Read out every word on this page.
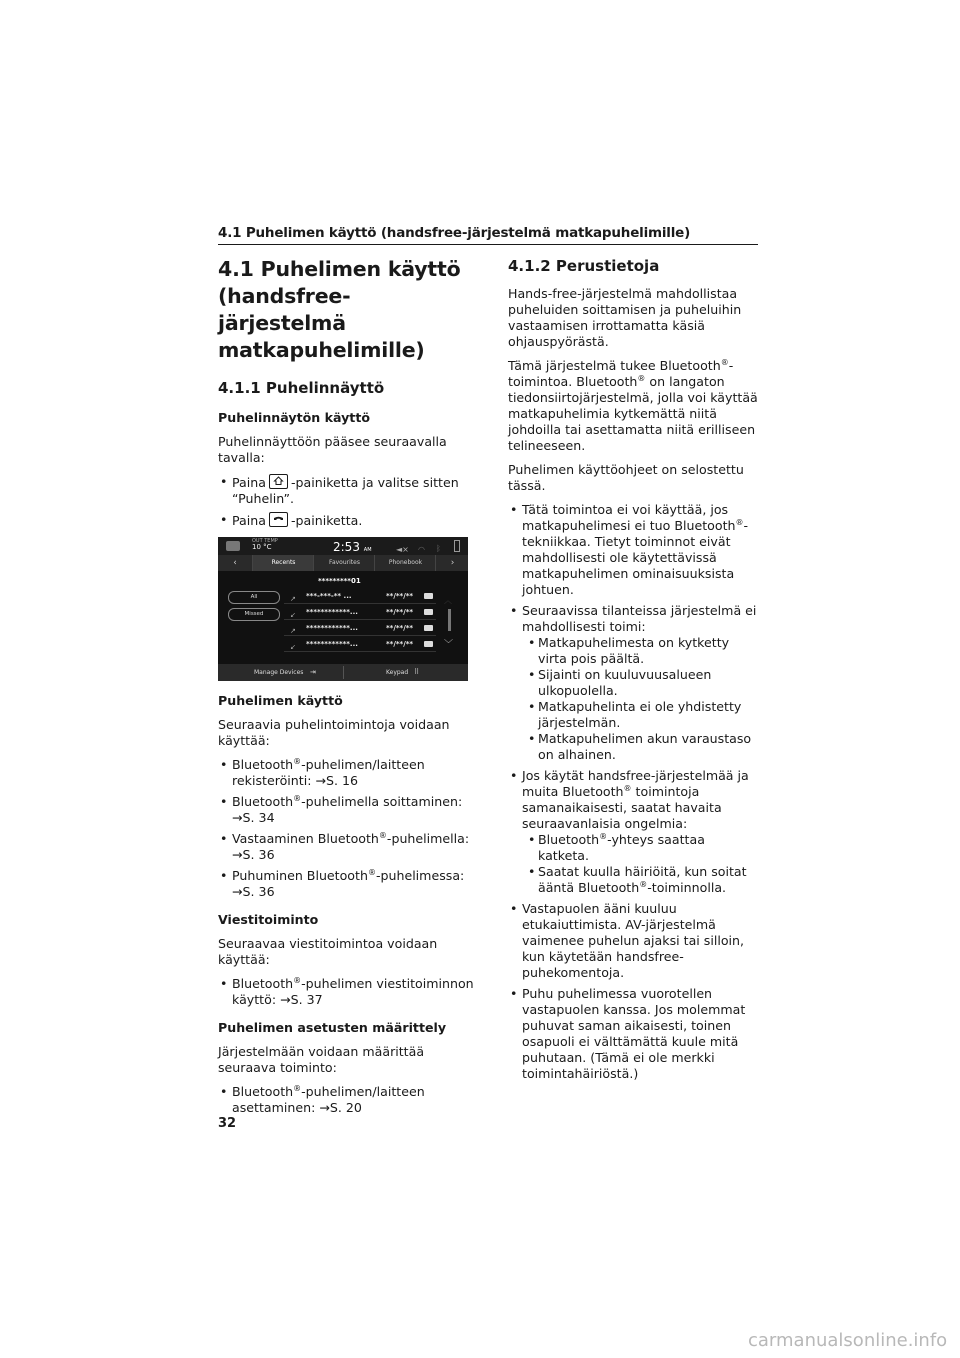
4.1 Puhelimen käyttö (handsfree-järjestelmä matkapuhelimille)
4.1 Puhelimen käyttö
(handsfree-järjestelmä
matkapuhelimille)
4.1.1 Puhelinnäyttö
Puhelinnäytön käyttö

Puhelinnäyttöön pääsee seuraavalla tavalla:

• Paina -painiketta ja valitse sitten
“Puhelin”.
• Paina -painiketta.
OUT TEMP
10 °C	2:53 AM	◄× ◠ ᛒ
‹	Recents	Favourites	Phonebook	›
*********01
All
Missed
↗ ***-***-** ...	**/**/**
↙ ************...	**/**/**
↗ ************...	**/**/**
↙ ************...	**/**/**
︿
﹀
Manage Devices ⇥	Keypad ⠿
Puhelimen käyttö

Seuraavia puhelintoimintoja voidaan käyttää:

• Bluetooth®-puhelimen/laitteen rekisteröinti: →S. 16
• Bluetooth®-puhelimella soittaminen: →S. 34
• Vastaaminen Bluetooth®-puhelimella: →S. 36
• Puhuminen Bluetooth®-puhelimessa: →S. 36
Viestitoiminto

Seuraavaa viestitoimintoa voidaan käyttää:

• Bluetooth®-puhelimen viestitoiminnon käyttö: →S. 37
Puhelimen asetusten määrittely

Järjestelmään voidaan määrittää seuraava toiminto:

• Bluetooth®-puhelimen/laitteen asettaminen: →S. 20
4.1.2 Perustietoja

Hands-free-järjestelmä mahdollistaa puheluiden soittamisen ja puheluihin vastaamisen irrottamatta käsiä ohjauspyörästä.

Tämä järjestelmä tukee Bluetooth®-toimintoa. Bluetooth® on langaton tiedonsiirtojärjestelmä, jolla voi käyttää matkapuhelimia kytkemättä niitä johdoilla tai asettamatta niitä erilliseen telineeseen.

Puhelimen käyttöohjeet on selostettu tässä.

• Tätä toimintoa ei voi käyttää, jos matkapuhelimesi ei tuo Bluetooth®-tekniikkaa. Tietyt toiminnot eivät mahdollisesti ole käytettävissä matkapuhelimen ominaisuuksista johtuen.
• Seuraavissa tilanteissa järjestelmä ei mahdollisesti toimi:
• Matkapuhelimesta on kytketty virta pois päältä.
• Sijainti on kuuluvuusalueen ulkopuolella.
• Matkapuhelinta ei ole yhdistetty järjestelmän.
• Matkapuhelimen akun varaustaso on alhainen.
• Jos käytät handsfree-järjestelmää ja muita Bluetooth® toimintoja samanaikaisesti, saatat havaita seuraavanlaisia ongelmia:
• Bluetooth®-yhteys saattaa katketa.
• Saatat kuulla häiriöitä, kun soitat ääntä Bluetooth®-toiminnolla.
• Vastapuolen ääni kuuluu etukaiuttimista. AV-järjestelmä vaimenee puhelun ajaksi tai silloin, kun käytetään handsfree-puhekomentoja.
• Puhu puhelimessa vuorotellen vastapuolen kanssa. Jos molemmat puhuvat saman aikaisesti, toinen osapuoli ei välttämättä kuule mitä puhutaan. (Tämä ei ole merkki toimintahäiriöstä.)
32
carmanualsonline.info
